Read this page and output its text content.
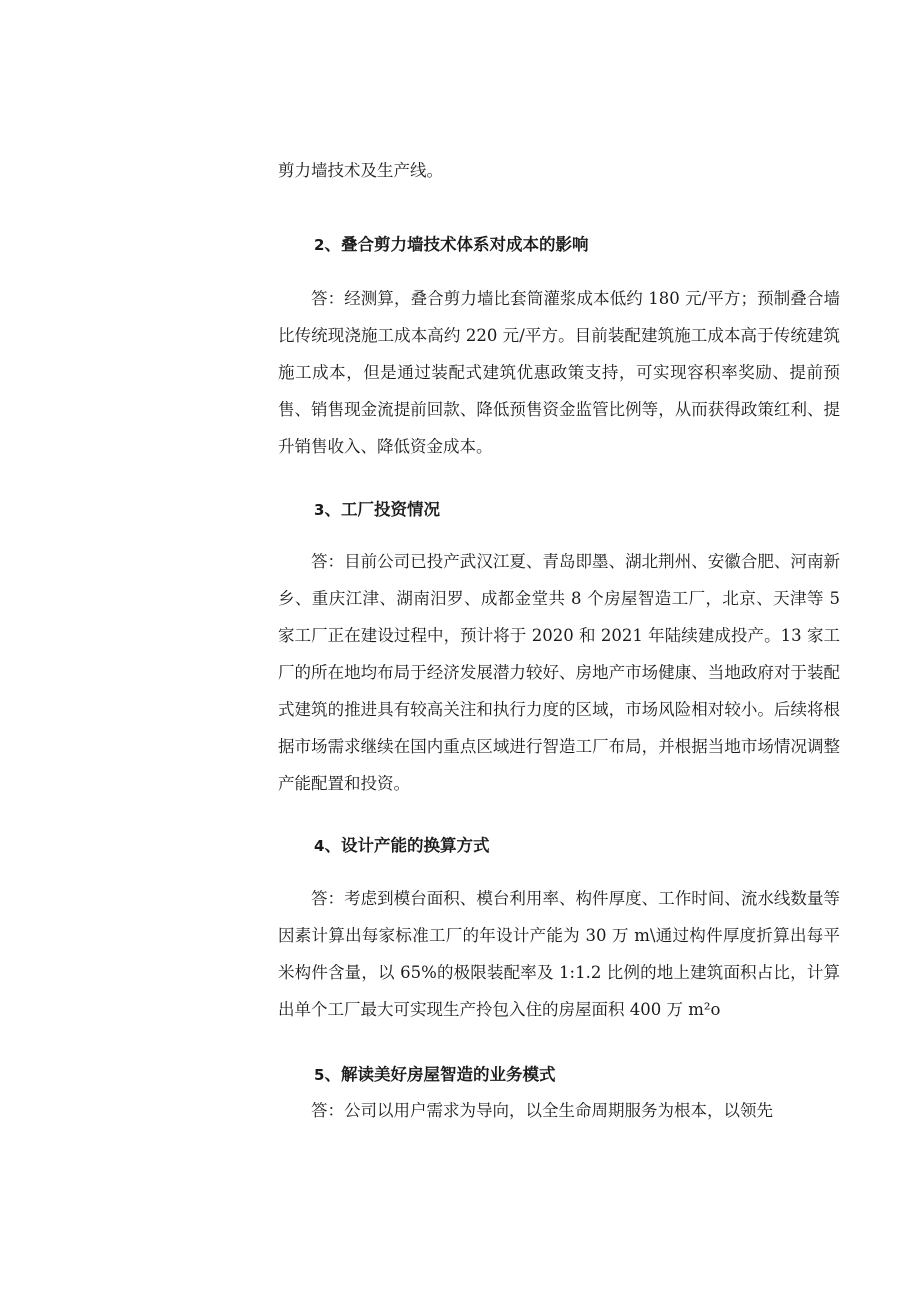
剪力墙技术及生产线。
2、叠合剪力墙技术体系对成本的影响

答：经测算，叠合剪力墙比套筒灌浆成本低约 180 元/平方；预制叠合墙比传统现浇施工成本高约 220 元/平方。目前装配建筑施工成本高于传统建筑施工成本，但是通过装配式建筑优惠政策支持，可实现容积率奖励、提前预售、销售现金流提前回款、降低预售资金监管比例等，从而获得政策红利、提升销售收入、降低资金成本。

3、工厂投资情况

答：目前公司已投产武汉江夏、青岛即墨、湖北荆州、安徽合肥、河南新乡、重庆江津、湖南汨罗、成都金堂共 8 个房屋智造工厂，北京、天津等 5 家工厂正在建设过程中，预计将于 2020 和 2021 年陆续建成投产。13 家工厂的所在地均布局于经济发展潜力较好、房地产市场健康、当地政府对于装配式建筑的推进具有较高关注和执行力度的区域，市场风险相对较小。后续将根据市场需求继续在国内重点区域进行智造工厂布局，并根据当地市场情况调整产能配置和投资。

4、设计产能的换算方式

答：考虑到模台面积、模台利用率、构件厚度、工作时间、流水线数量等因素计算出每家标准工厂的年设计产能为 30 万 m\通过构件厚度折算出每平米构件含量，以 65%的极限装配率及 1:1.2 比例的地上建筑面积占比，计算出单个工厂最大可实现生产拎包入住的房屋面积 400 万 m²o

5、解读美好房屋智造的业务模式

答：公司以用户需求为导向，以全生命周期服务为根本，以领先
